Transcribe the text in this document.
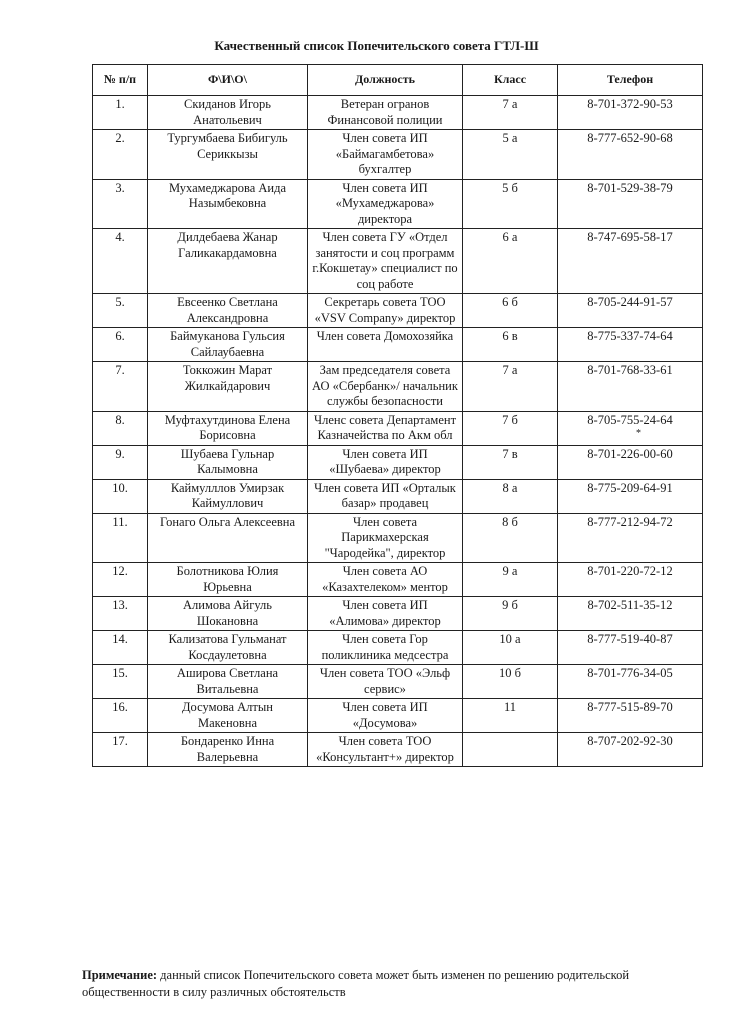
Качественный список Попечительского совета ГТЛ-Ш
№ п/п	Ф\И\О\	Должность	Класс	Телефон
1.	Скиданов Игорь Анатольевич	Ветеран огранов Финансовой полиции	7 а	8-701-372-90-53
2.	Тургумбаева Бибигуль Сериккызы	Член совета ИП «Баймагамбетова» бухгалтер	5 а	8-777-652-90-68
3.	Мухамеджарова Аида Назымбековна	Член совета ИП «Мухамеджарова» директора	5 б	8-701-529-38-79
4.	Дилдебаева Жанар Галикакардамовна	Член совета ГУ «Отдел занятости и соц программ г.Кокшетау» специалист по соц работе	6 а	8-747-695-58-17
5.	Евсеенко Светлана Александровна	Секретарь совета ТОО «VSV Company» директор	6 б	8-705-244-91-57
6.	Баймуканова Гульсия Сайлаубаевна	Член совета Домохозяйка	6 в	8-775-337-74-64
7.	Токкожин Марат Жилкайдарович	Зам председателя совета АО «Сбербанк»/ начальник службы безопасности	7 а	8-701-768-33-61
8.	Муфтахутдинова Елена Борисовна	Членс совета Департамент Казначейства по Акм обл	7 б	8-705-755-24-64
*

9.	Шубаева Гульнар Калымовна	Член совета ИП «Шубаева» директор	7 в	8-701-226-00-60
10.	Каймулллов Умирзак Каймуллович	Член совета ИП «Орталык базар» продавец	8 а	8-775-209-64-91
11.	Гонаго Ольга Алексеевна	Член совета Парикмахерская "Чародейка", директор	8 б	8-777-212-94-72
12.	Болотникова Юлия Юрьевна	Член совета АО «Казахтелеком» ментор	9 а	8-701-220-72-12
13.	Алимова Айгуль Шокановна	Член совета ИП «Алимова» директор	9 б	8-702-511-35-12
14.	Кализатова Гульманат Косдаулетовна	Член совета Гор поликлиника медсестра	10 а	8-777-519-40-87
15.	Аширова Светлана Витальевна	Член совета ТОО «Эльф сервис»	10 б	8-701-776-34-05
16.	Досумова Алтын Макеновна	Член совета ИП «Досумова»	11	8-777-515-89-70
17.	Бондаренко Инна Валерьевна	Член совета ТОО «Консультант+» директор		8-707-202-92-30
Примечание: данный список Попечительского совета может быть изменен по решению родительской общественности в силу различных обстоятельств
